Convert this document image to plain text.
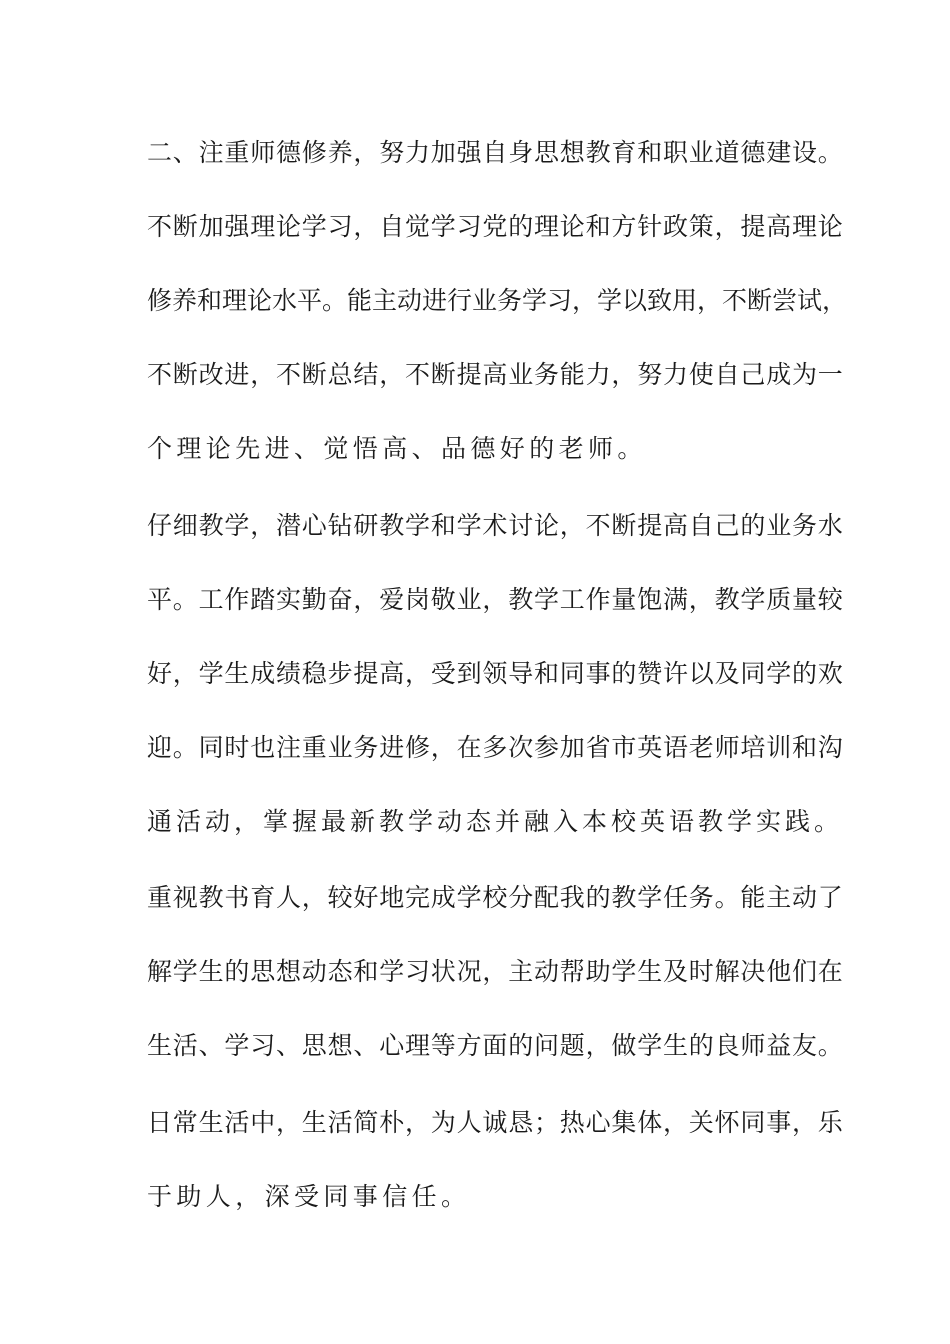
二、注重师德修养，努力加强自身思想教育和职业道德建设。
不断加强理论学习，自觉学习党的理论和方针政策，提高理论
修养和理论水平。能主动进行业务学习，学以致用，不断尝试，
不断改进，不断总结，不断提高业务能力，努力使自己成为一
个理论先进、觉悟高、品德好的老师。
仔细教学，潜心钻研教学和学术讨论，不断提高自己的业务水
平。工作踏实勤奋，爱岗敬业，教学工作量饱满，教学质量较
好，学生成绩稳步提高，受到领导和同事的赞许以及同学的欢
迎。同时也注重业务进修，在多次参加省市英语老师培训和沟
通活动，掌握最新教学动态并融入本校英语教学实践。
重视教书育人，较好地完成学校分配我的教学任务。能主动了
解学生的思想动态和学习状况，主动帮助学生及时解决他们在
生活、学习、思想、心理等方面的问题，做学生的良师益友。
日常生活中，生活简朴，为人诚恳；热心集体，关怀同事，乐
于助人，深受同事信任。
